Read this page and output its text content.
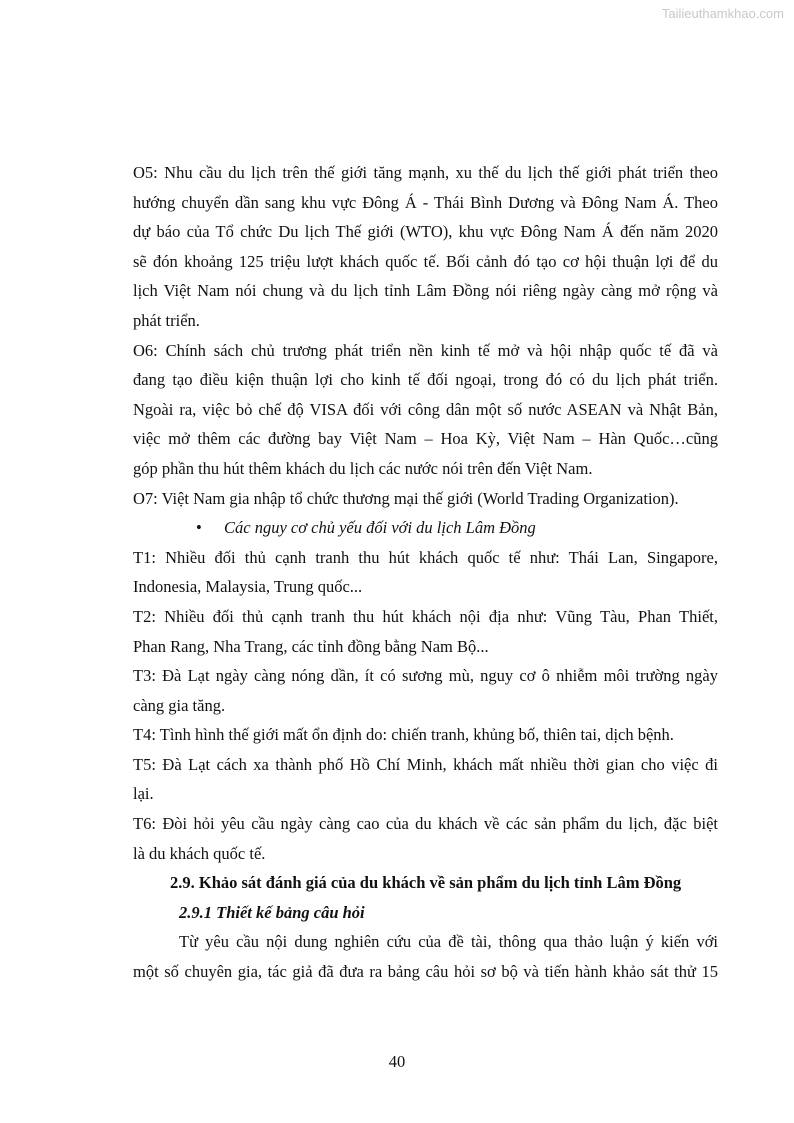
Tailieuthamkhao.com
O5: Nhu cầu du lịch trên thế giới tăng mạnh, xu thế du lịch thế giới phát triển theo
hướng chuyển dần sang khu vực Đông Á - Thái Bình Dương và Đông Nam Á. Theo
dự báo của Tổ chức Du lịch Thế giới (WTO), khu vực Đông Nam Á đến năm 2020
sẽ đón khoảng 125 triệu lượt khách quốc tế. Bối cảnh đó tạo cơ hội thuận lợi để du
lịch Việt Nam nói chung và du lịch tỉnh Lâm Đồng nói riêng ngày càng mở rộng và
phát triển.
O6: Chính sách chủ trương phát triển nền kinh tế mở và hội nhập quốc tế đã và
đang tạo điều kiện thuận lợi cho kinh tế đối ngoại, trong đó có du lịch phát triển.
Ngoài ra, việc bỏ chế độ VISA đối với công dân một số nước ASEAN và Nhật Bản,
việc mở thêm các đường bay Việt Nam – Hoa Kỳ, Việt Nam – Hàn Quốc…cũng
góp phần thu hút thêm khách du lịch các nước nói trên đến Việt Nam.
O7: Việt Nam gia nhập tổ chức thương mại thế giới (World Trading Organization).
• Các nguy cơ chủ yếu đối với du lịch Lâm Đồng
T1: Nhiều đối thủ cạnh tranh thu hút khách quốc tế như: Thái Lan, Singapore,
Indonesia, Malaysia, Trung quốc...
T2: Nhiều đối thủ cạnh tranh thu hút khách nội địa như: Vũng Tàu, Phan Thiết,
Phan Rang, Nha Trang, các tỉnh đồng bằng Nam Bộ...
T3: Đà Lạt ngày càng nóng dần, ít có sương mù, nguy cơ ô nhiễm môi trường ngày
càng gia tăng.
T4: Tình hình thế giới mất ổn định do: chiến tranh, khủng bố, thiên tai, dịch bệnh.
T5: Đà Lạt cách xa thành phố Hồ Chí Minh, khách mất nhiều thời gian cho việc đi
lại.
T6: Đòi hỏi yêu cầu ngày càng cao của du khách về các sản phẩm du lịch, đặc biệt
là du khách quốc tế.
2.9. Khảo sát đánh giá của du khách về sản phẩm du lịch tỉnh Lâm Đồng
2.9.1 Thiết kế bảng câu hỏi
Từ yêu cầu nội dung nghiên cứu của đề tài, thông qua thảo luận ý kiến với
một số chuyên gia, tác giả đã đưa ra bảng câu hỏi sơ bộ và tiến hành khảo sát thử 15
40
